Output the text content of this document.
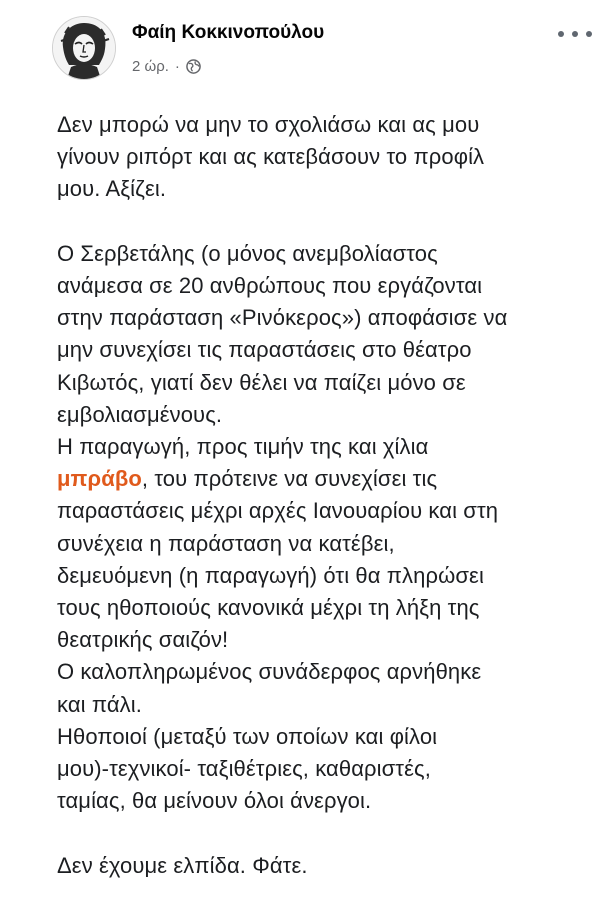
Φαίη Κοκκινοπούλου
2 ώρ. ·
Δεν μπορώ να μην το σχολιάσω και ας μου
γίνουν ριπόρτ και ας κατεβάσουν το προφίλ
μου. Αξίζει.
Ο Σερβετάλης (ο μόνος ανεμβολίαστος
ανάμεσα σε 20 ανθρώπους που εργάζονται
στην παράσταση «Ρινόκερος») αποφάσισε να
μην συνεχίσει τις παραστάσεις στο θέατρο
Κιβωτός, γιατί δεν θέλει να παίζει μόνο σε
εμβολιασμένους.
Η παραγωγή, προς τιμήν της και χίλια
μπράβο, του πρότεινε να συνεχίσει τις
παραστάσεις μέχρι αρχές Ιανουαρίου και στη
συνέχεια η παράσταση να κατέβει,
δεμευόμενη (η παραγωγή) ότι θα πληρώσει
τους ηθοποιούς κανονικά μέχρι τη λήξη της
θεατρικής σαιζόν!
Ο καλοπληρωμένος συνάδερφος αρνήθηκε
και πάλι.
Ηθοποιοί (μεταξύ των οποίων και φίλοι
μου)-τεχνικοί- ταξιθέτριες, καθαριστές,
ταμίας, θα μείνουν όλοι άνεργοι.
Δεν έχουμε ελπίδα. Φάτε.
